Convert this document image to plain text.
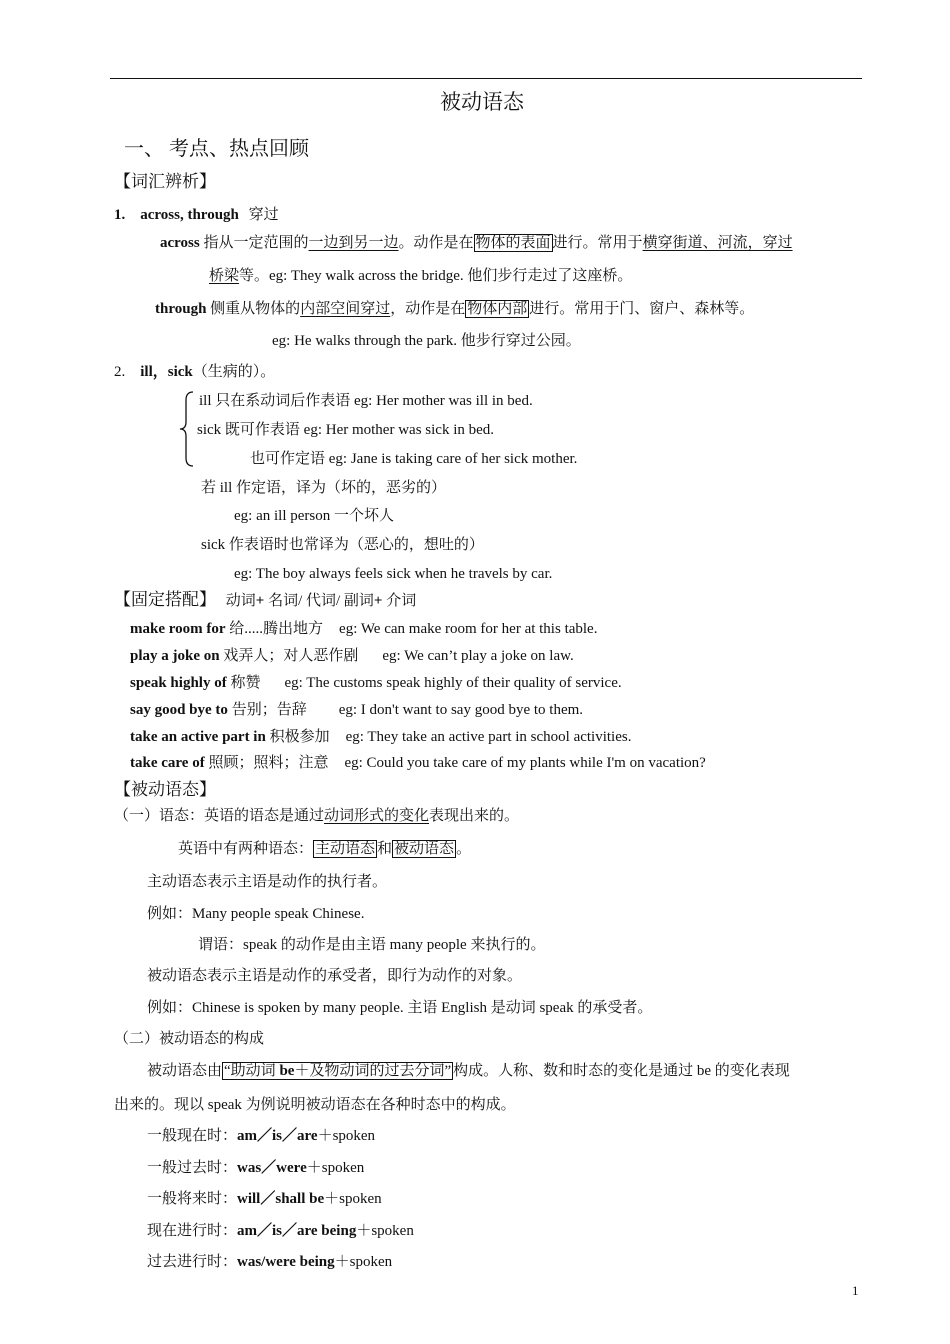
被动语态
一、 考点、热点回顾
【词汇辨析】
1. across, through 穿过
across 指从一定范围的一边到另一边。动作是在 物体的表面 进行。常用于横穿街道、河流，穿过
桥梁等。eg: They walk across the bridge. 他们步行走过了这座桥。
through 侧重从物体的内部空间穿过，动作是在 物体内部 进行。常用于门、窗户、森林等。
eg: He walks through the park. 他步行穿过公园。
2. ill，sick（生病的）。
ill 只在系动词后作表语 eg: Her mother was ill in bed.
sick 既可作表语 eg: Her mother was sick in bed.
也可作定语 eg: Jane is taking care of her sick mother.
若 ill 作定语，译为（坏的，恶劣的）
eg: an ill person 一个坏人
sick 作表语时也常译为（恶心的，想吐的）
eg: The boy always feels sick when he travels by car.
【固定搭配】 动词+ 名词/ 代词/ 副词+ 介词
make room for 给.....腾出地方 eg: We can make room for her at this table.
play a joke on 戏弄人；对人恶作剧 eg: We can’t play a joke on law.
speak highly of 称赞 eg: The customs speak highly of their quality of service.
say good bye to 告别；告辞 eg: I don't want to say good bye to them.
take an active part in 积极参加 eg: They take an active part in school activities.
take care of 照顾；照料；注意 eg: Could you take care of my plants while I'm on vacation?
【被动语态】
（一）语态：英语的语态是通过动词形式的变化表现出来的。
英语中有两种语态： 主动语态 和 被动语态 。
主动语态表示主语是动作的执行者。
例如：Many people speak Chinese.
谓语：speak 的动作是由主语 many people 来执行的。
被动语态表示主语是动作的承受者，即行为动作的对象。
例如：Chinese is spoken by many people. 主语 English 是动词 speak 的承受者。
（二）被动语态的构成
被动语态由 “助动词 be＋及物动词的过去分词” 构成。人称、数和时态的变化是通过 be 的变化表现
出来的。现以 speak 为例说明被动语态在各种时态中的构成。
一般现在时：am／is／are＋spoken
一般过去时：was／were＋spoken
一般将来时：will／shall be＋spoken
现在进行时：am／is／are being＋spoken
过去进行时：was/were being＋spoken
1
